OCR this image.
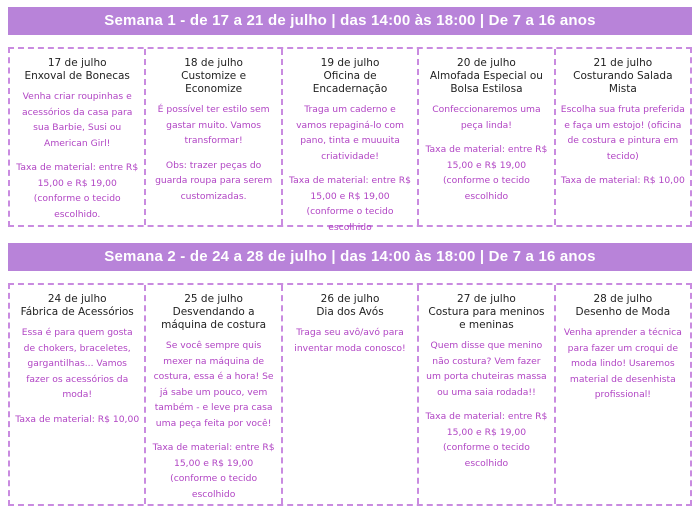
Semana 1 - de 17 a 21 de julho | das 14:00 às 18:00 | De 7 a 16 anos
17 de julho
Enxoval de Bonecas
Venha criar roupinhas e acessórios da casa para sua Barbie, Susi ou American Girl!
Taxa de material: entre R$ 15,00 e R$ 19,00 (conforme o tecido escolhido.
18 de julho
Customize e Economize
É possível ter estilo sem gastar muito. Vamos transformar!
Obs: trazer peças do guarda roupa para serem customizadas.
19 de julho
Oficina de Encadernação
Traga um caderno e vamos repaginá-lo com pano, tinta e muuuita criatividade!
Taxa de material: entre R$ 15,00 e R$ 19,00 (conforme o tecido escolhido
20 de julho
Almofada Especial ou Bolsa Estilosa
Confeccionaremos uma peça linda!
Taxa de material: entre R$ 15,00 e R$ 19,00 (conforme o tecido escolhido
21 de julho
Costurando Salada Mista
Escolha sua fruta preferida e faça um estojo! (oficina de costura e pintura em tecido)
Taxa de material: R$ 10,00
Semana 2 - de 24 a 28 de julho | das 14:00 às 18:00 | De 7 a 16 anos
24 de julho
Fábrica de Acessórios
Essa é para quem gosta de chokers, braceletes, gargantilhas... Vamos fazer os acessórios da moda!
Taxa de material: R$ 10,00
25 de julho
Desvendando a máquina de costura
Se você sempre quis mexer na máquina de costura, essa é a hora! Se já sabe um pouco, vem também - e leve pra casa uma peça feita por você!
Taxa de material: entre R$ 15,00 e R$ 19,00 (conforme o tecido escolhido
26 de julho
Dia dos Avós
Traga seu avô/avó para inventar moda conosco!
27 de julho
Costura para meninos e meninas
Quem disse que menino não costura? Vem fazer um porta chuteiras massa ou uma saia rodada!!
Taxa de material: entre R$ 15,00 e R$ 19,00 (conforme o tecido escolhido
28 de julho
Desenho de Moda
Venha aprender a técnica para fazer um croqui de moda lindo! Usaremos material de desenhista profissional!
